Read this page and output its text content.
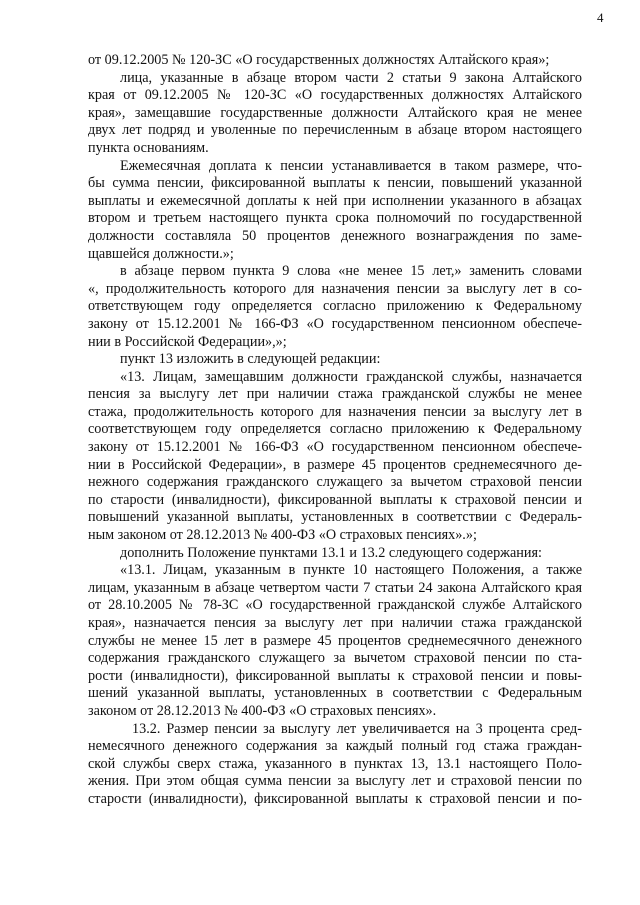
4
от 09.12.2005 № 120-ЗС «О государственных должностях Алтайского края»;
лица, указанные в абзаце втором части 2 статьи 9 закона Алтайского
края от 09.12.2005 № 120-ЗС «О государственных должностях Алтайского
края», замещавшие государственные должности Алтайского края не менее
двух лет подряд и уволенные по перечисленным в абзаце втором настоящего
пункта основаниям.
Ежемесячная доплата к пенсии устанавливается в таком размере, что-
бы сумма пенсии, фиксированной выплаты к пенсии, повышений указанной
выплаты и ежемесячной доплаты к ней при исполнении указанного в абзацах
втором и третьем настоящего пункта срока полномочий по государственной
должности составляла 50 процентов денежного вознаграждения по заме-
щавшейся должности.»;
в абзаце первом пункта 9 слова «не менее 15 лет,» заменить словами
«, продолжительность которого для назначения пенсии за выслугу лет в со-
ответствующем году определяется согласно приложению к Федеральному
закону от 15.12.2001 № 166-ФЗ «О государственном пенсионном обеспече-
нии в Российской Федерации»,»;
пункт 13 изложить в следующей редакции:
«13. Лицам, замещавшим должности гражданской службы, назначается
пенсия за выслугу лет при наличии стажа гражданской службы не менее
стажа, продолжительность которого для назначения пенсии за выслугу лет в
соответствующем году определяется согласно приложению к Федеральному
закону от 15.12.2001 № 166-ФЗ «О государственном пенсионном обеспече-
нии в Российской Федерации», в размере 45 процентов среднемесячного де-
нежного содержания гражданского служащего за вычетом страховой пенсии
по старости (инвалидности), фиксированной выплаты к страховой пенсии и
повышений указанной выплаты, установленных в соответствии с Федераль-
ным законом от 28.12.2013 № 400-ФЗ «О страховых пенсиях».»;
дополнить Положение пунктами 13.1 и 13.2 следующего содержания:
«13.1. Лицам, указанным в пункте 10 настоящего Положения, а также
лицам, указанным в абзаце четвертом части 7 статьи 24 закона Алтайского края
от 28.10.2005 № 78-ЗС «О государственной гражданской службе Алтайского
края», назначается пенсия за выслугу лет при наличии стажа гражданской
службы не менее 15 лет в размере 45 процентов среднемесячного денежного
содержания гражданского служащего за вычетом страховой пенсии по ста-
рости (инвалидности), фиксированной выплаты к страховой пенсии и повы-
шений указанной выплаты, установленных в соответствии с Федеральным
законом от 28.12.2013 № 400-ФЗ «О страховых пенсиях».
13.2. Размер пенсии за выслугу лет увеличивается на 3 процента сред-
немесячного денежного содержания за каждый полный год стажа граждан-
ской службы сверх стажа, указанного в пунктах 13, 13.1 настоящего Поло-
жения. При этом общая сумма пенсии за выслугу лет и страховой пенсии по
старости (инвалидности), фиксированной выплаты к страховой пенсии и по-
